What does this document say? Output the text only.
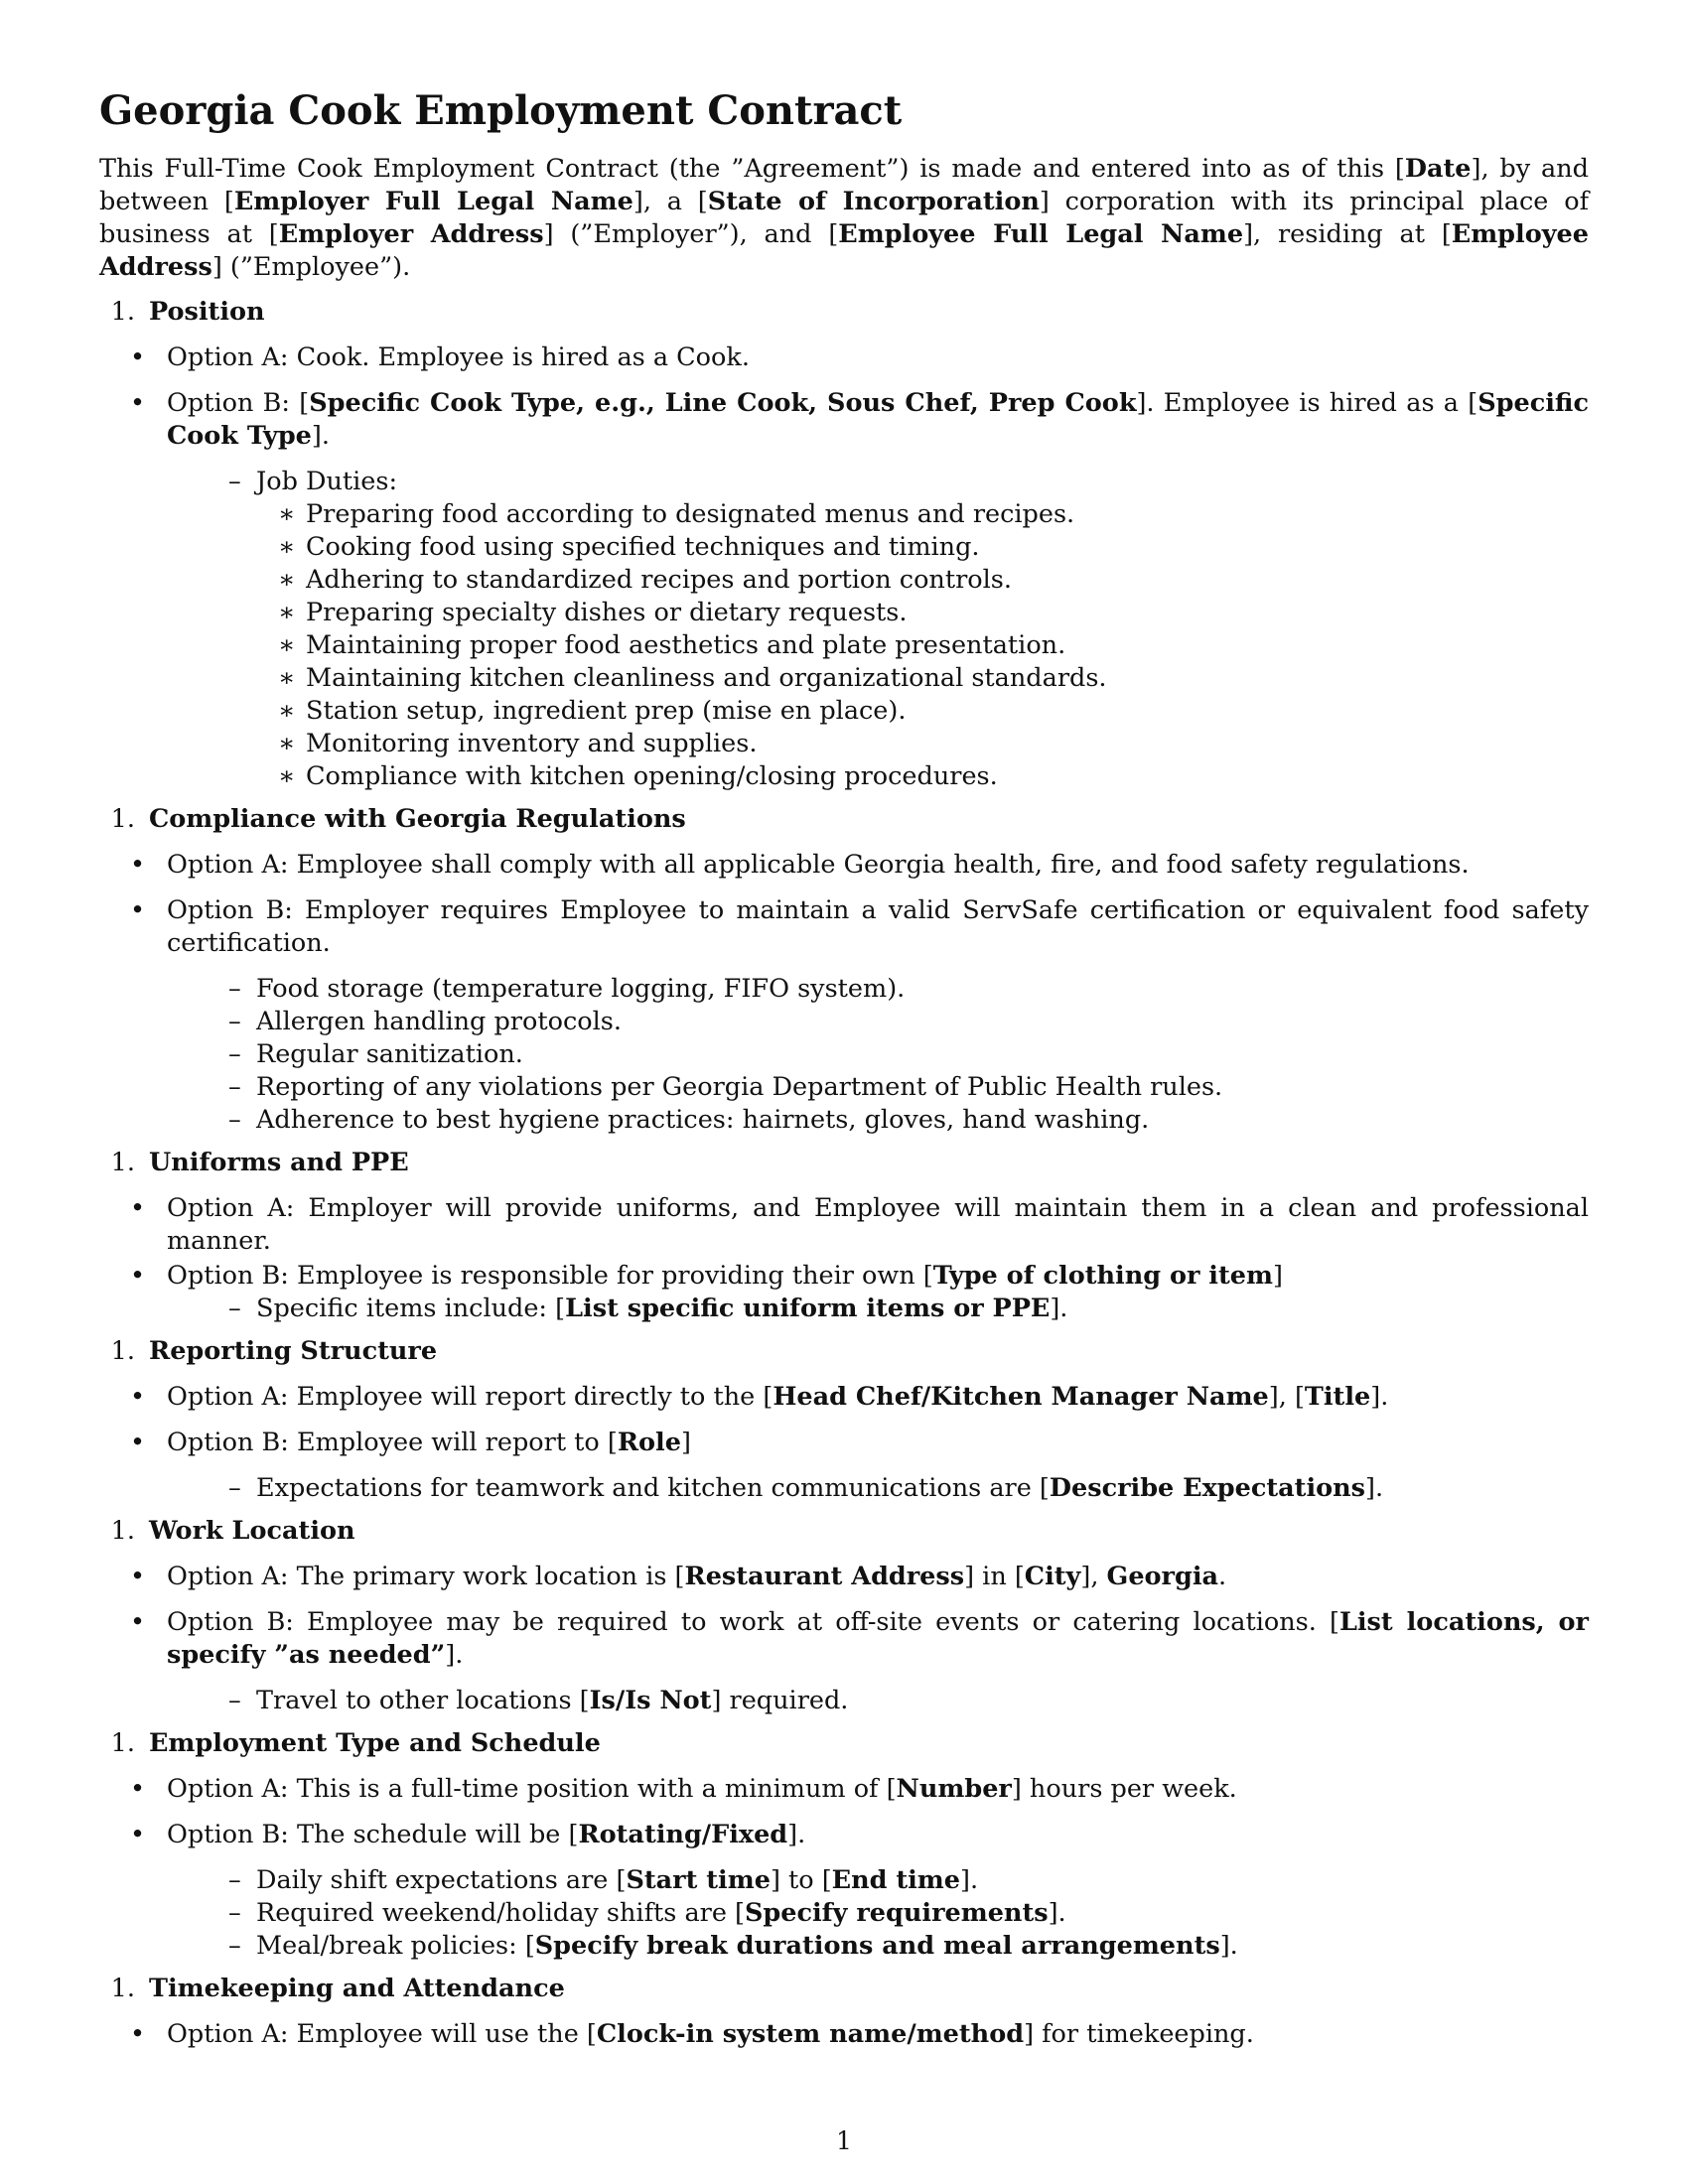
Georgia Cook Employment Contract

This Full-Time Cook Employment Contract (the ”Agreement”) is made and entered into as of this [Date], by and between [Employer Full Legal Name], a [State of Incorporation] corporation with its principal place of business at [Employer Address] (”Employer”), and [Employee Full Legal Name], residing at [Employee Address] (”Employee”).

1. Position
• Option A: Cook. Employee is hired as a Cook.
• Option B: [Specific Cook Type, e.g., Line Cook, Sous Chef, Prep Cook]. Employee is hired as a [Specific Cook Type].
– Job Duties:
∗ Preparing food according to designated menus and recipes.
∗ Cooking food using specified techniques and timing.
∗ Adhering to standardized recipes and portion controls.
∗ Preparing specialty dishes or dietary requests.
∗ Maintaining proper food aesthetics and plate presentation.
∗ Maintaining kitchen cleanliness and organizational standards.
∗ Station setup, ingredient prep (mise en place).
∗ Monitoring inventory and supplies.
∗ Compliance with kitchen opening/closing procedures.
1. Compliance with Georgia Regulations
• Option A: Employee shall comply with all applicable Georgia health, fire, and food safety regulations.
• Option B: Employer requires Employee to maintain a valid ServSafe certification or equivalent food safety certification.
– Food storage (temperature logging, FIFO system).
– Allergen handling protocols.
– Regular sanitization.
– Reporting of any violations per Georgia Department of Public Health rules.
– Adherence to best hygiene practices: hairnets, gloves, hand washing.
1. Uniforms and PPE
• Option A: Employer will provide uniforms, and Employee will maintain them in a clean and professional manner.
• Option B: Employee is responsible for providing their own [Type of clothing or item]
– Specific items include: [List specific uniform items or PPE].
1. Reporting Structure
• Option A: Employee will report directly to the [Head Chef/Kitchen Manager Name], [Title].
• Option B: Employee will report to [Role]
– Expectations for teamwork and kitchen communications are [Describe Expectations].
1. Work Location
• Option A: The primary work location is [Restaurant Address] in [City], Georgia.
• Option B: Employee may be required to work at off-site events or catering locations. [List locations, or specify ”as needed”].
– Travel to other locations [Is/Is Not] required.
1. Employment Type and Schedule
• Option A: This is a full-time position with a minimum of [Number] hours per week.
• Option B: The schedule will be [Rotating/Fixed].
– Daily shift expectations are [Start time] to [End time].
– Required weekend/holiday shifts are [Specify requirements].
– Meal/break policies: [Specify break durations and meal arrangements].
1. Timekeeping and Attendance
• Option A: Employee will use the [Clock-in system name/method] for timekeeping.
1
